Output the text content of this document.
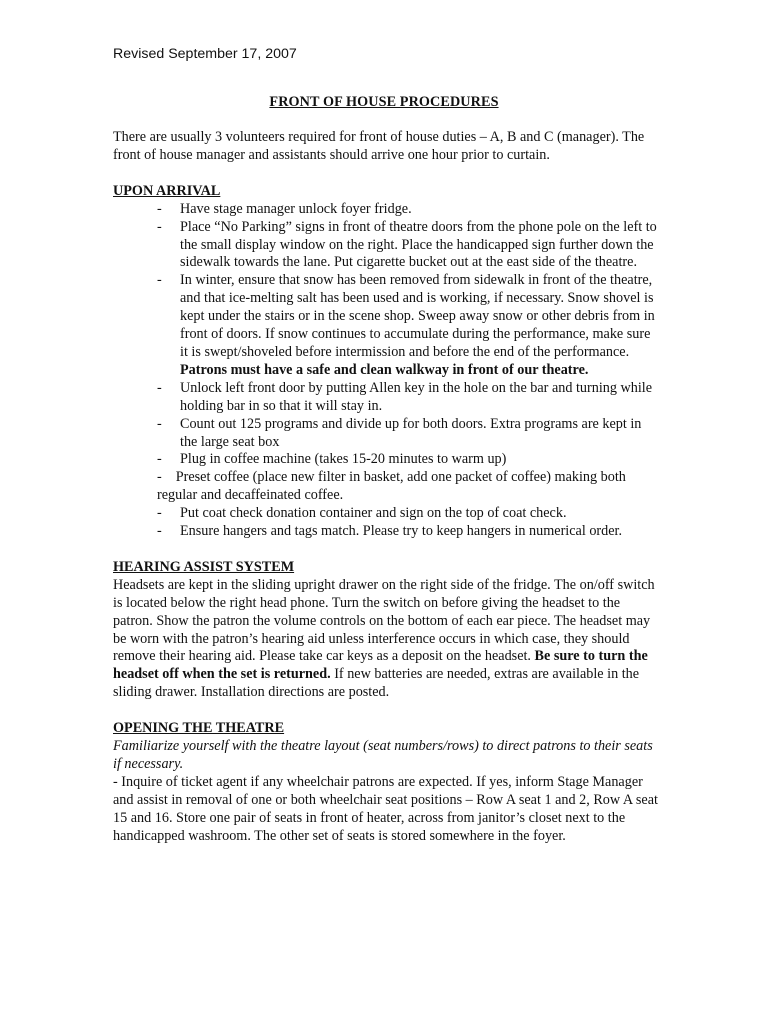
Revised September 17, 2007
FRONT OF HOUSE PROCEDURES

There are usually 3 volunteers required for front of house duties – A, B and C (manager). The front of house manager and assistants should arrive one hour prior to curtain.

UPON ARRIVAL

- Have stage manager unlock foyer fridge.
- Place “No Parking” signs in front of theatre doors from the phone pole on the left to the small display window on the right. Place the handicapped sign further down the sidewalk towards the lane. Put cigarette bucket out at the east side of the theatre.
- In winter, ensure that snow has been removed from sidewalk in front of the theatre, and that ice-melting salt has been used and is working, if necessary. Snow shovel is kept under the stairs or in the scene shop. Sweep away snow or other debris from in front of doors. If snow continues to accumulate during the performance, make sure it is swept/shoveled before intermission and before the end of the performance. Patrons must have a safe and clean walkway in front of our theatre.
- Unlock left front door by putting Allen key in the hole on the bar and turning while holding bar in so that it will stay in.
- Count out 125 programs and divide up for both doors. Extra programs are kept in the large seat box
- Plug in coffee machine (takes 15-20 minutes to warm up)
- Preset coffee (place new filter in basket, add one packet of coffee) making both regular and decaffeinated coffee.
- Put coat check donation container and sign on the top of coat check.
- Ensure hangers and tags match. Please try to keep hangers in numerical order.

HEARING ASSIST SYSTEM

Headsets are kept in the sliding upright drawer on the right side of the fridge. The on/off switch is located below the right head phone. Turn the switch on before giving the headset to the patron. Show the patron the volume controls on the bottom of each ear piece. The headset may be worn with the patron’s hearing aid unless interference occurs in which case, they should remove their hearing aid. Please take car keys as a deposit on the headset. Be sure to turn the headset off when the set is returned. If new batteries are needed, extras are available in the sliding drawer. Installation directions are posted.

OPENING THE THEATRE

Familiarize yourself with the theatre layout (seat numbers/rows) to direct patrons to their seats if necessary.

- Inquire of ticket agent if any wheelchair patrons are expected. If yes, inform Stage Manager and assist in removal of one or both wheelchair seat positions – Row A seat 1 and 2, Row A seat 15 and 16. Store one pair of seats in front of heater, across from janitor’s closet next to the handicapped washroom. The other set of seats is stored somewhere in the foyer.
